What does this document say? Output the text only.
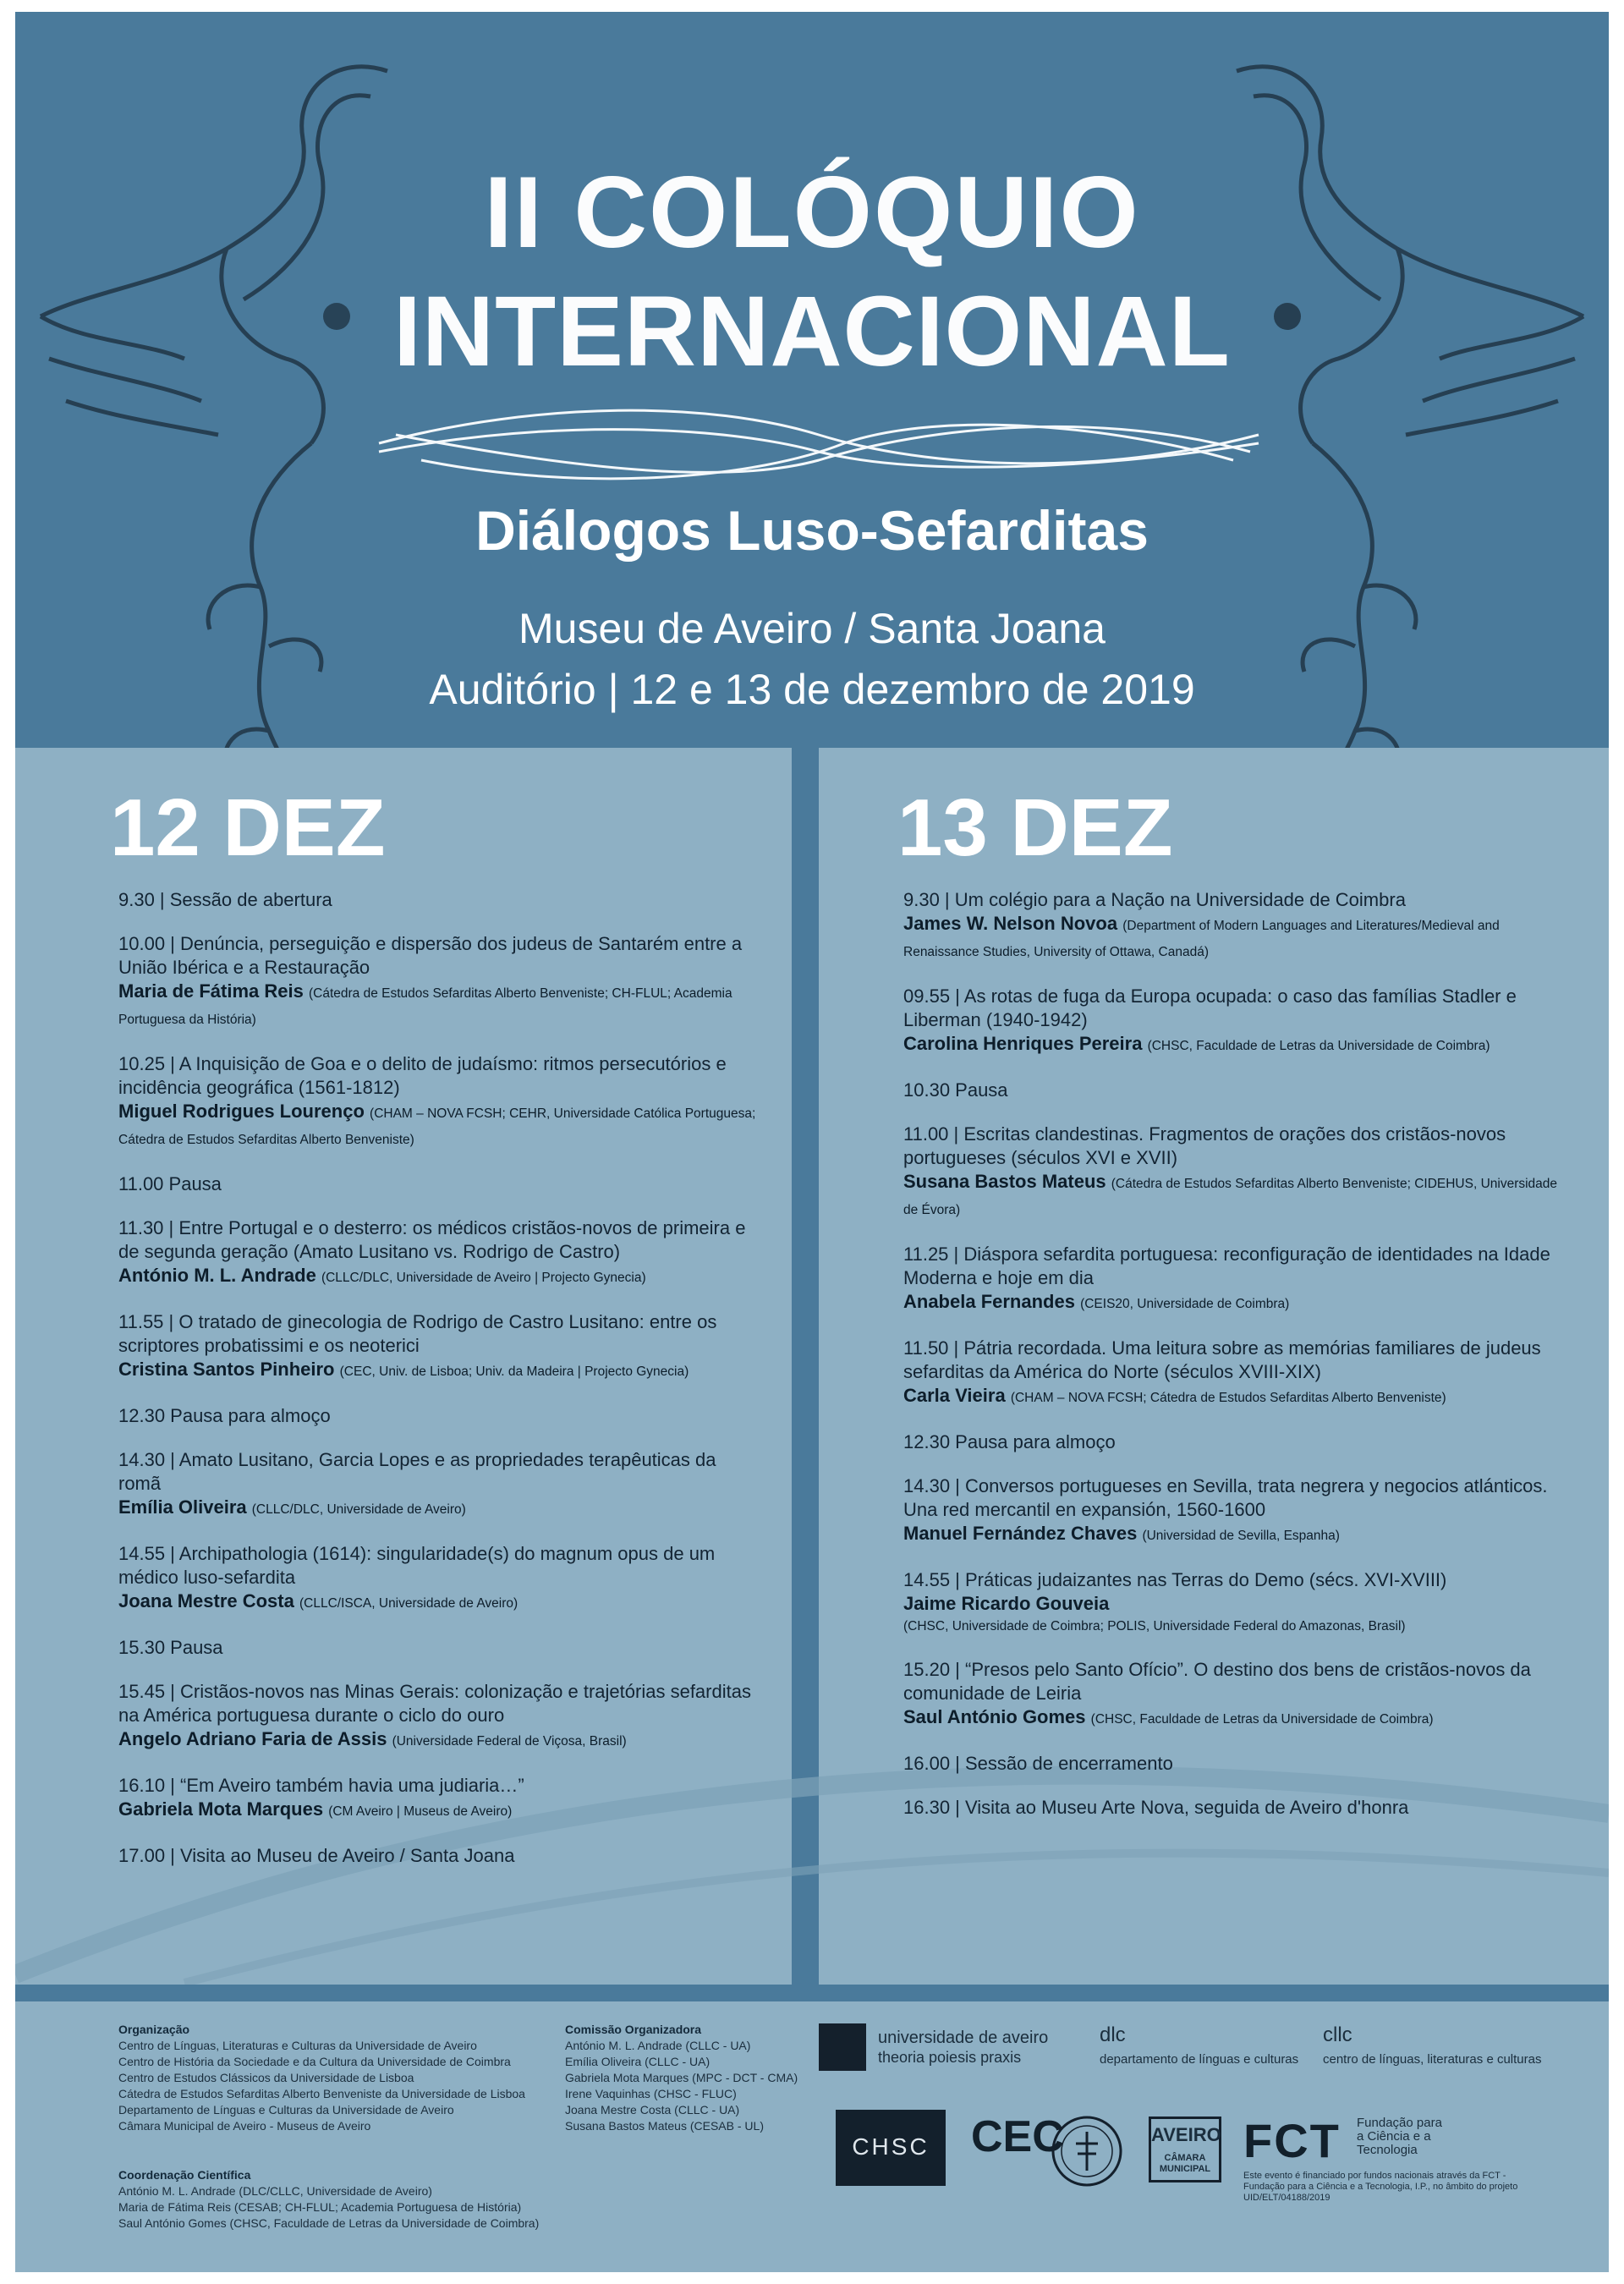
II COLÓQUIO
INTERNACIONAL
Diálogos Luso-Sefarditas
Museu de Aveiro / Santa Joana
Auditório | 12 e 13 de dezembro de 2019
12 DEZ	13 DEZ
9.30 | Sessão de abertura
10.00 | Denúncia, perseguição e dispersão dos judeus de Santarém entre a União Ibérica e a Restauração
Maria de Fátima Reis (Cátedra de Estudos Sefarditas Alberto Benveniste; CH-FLUL; Academia Portuguesa da História)
10.25 | A Inquisição de Goa e o delito de judaísmo: ritmos persecutórios e incidência geográfica (1561-1812)
Miguel Rodrigues Lourenço (CHAM – NOVA FCSH; CEHR, Universidade Católica Portuguesa; Cátedra de Estudos Sefarditas Alberto Benveniste)
11.00 Pausa
11.30 | Entre Portugal e o desterro: os médicos cristãos-novos de primeira e de segunda geração (Amato Lusitano vs. Rodrigo de Castro)
António M. L. Andrade (CLLC/DLC, Universidade de Aveiro | Projecto Gynecia)
11.55 | O tratado de ginecologia de Rodrigo de Castro Lusitano: entre os scriptores probatissimi e os neoterici
Cristina Santos Pinheiro (CEC, Univ. de Lisboa; Univ. da Madeira | Projecto Gynecia)
12.30 Pausa para almoço
14.30 | Amato Lusitano, Garcia Lopes e as propriedades terapêuticas da romã
Emília Oliveira (CLLC/DLC, Universidade de Aveiro)
14.55 | Archipathologia (1614): singularidade(s) do magnum opus de um médico luso-sefardita
Joana Mestre Costa (CLLC/ISCA, Universidade de Aveiro)
15.30 Pausa
15.45 | Cristãos-novos nas Minas Gerais: colonização e trajetórias sefarditas na América portuguesa durante o ciclo do ouro
Angelo Adriano Faria de Assis (Universidade Federal de Viçosa, Brasil)
16.10 | “Em Aveiro também havia uma judiaria…”
Gabriela Mota Marques (CM Aveiro | Museus de Aveiro)
17.00 | Visita ao Museu de Aveiro / Santa Joana
9.30 | Um colégio para a Nação na Universidade de Coimbra
James W. Nelson Novoa (Department of Modern Languages and Literatures/Medieval and Renaissance Studies, University of Ottawa, Canadá)
09.55 | As rotas de fuga da Europa ocupada: o caso das famílias Stadler e Liberman (1940-1942)
Carolina Henriques Pereira (CHSC, Faculdade de Letras da Universidade de Coimbra)
10.30 Pausa
11.00 | Escritas clandestinas. Fragmentos de orações dos cristãos-novos portugueses (séculos XVI e XVII)
Susana Bastos Mateus (Cátedra de Estudos Sefarditas Alberto Benveniste; CIDEHUS, Universidade de Évora)
11.25 | Diáspora sefardita portuguesa: reconfiguração de identidades na Idade Moderna e hoje em dia
Anabela Fernandes (CEIS20, Universidade de Coimbra)
11.50 | Pátria recordada. Uma leitura sobre as memórias familiares de judeus sefarditas da América do Norte (séculos XVIII-XIX)
Carla Vieira (CHAM – NOVA FCSH; Cátedra de Estudos Sefarditas Alberto Benveniste)
12.30 Pausa para almoço
14.30 | Conversos portugueses en Sevilla, trata negrera y negocios atlánticos. Una red mercantil en expansión, 1560-1600
Manuel Fernández Chaves (Universidad de Sevilla, Espanha)
14.55 | Práticas judaizantes nas Terras do Demo (sécs. XVI-XVIII)
Jaime Ricardo Gouveia
(CHSC, Universidade de Coimbra; POLIS, Universidade Federal do Amazonas, Brasil)
15.20 | “Presos pelo Santo Ofício”. O destino dos bens de cristãos-novos da comunidade de Leiria
Saul António Gomes (CHSC, Faculdade de Letras da Universidade de Coimbra)
16.00 | Sessão de encerramento
16.30 | Visita ao Museu Arte Nova, seguida de Aveiro d'honra
Organização
Centro de Línguas, Literaturas e Culturas da Universidade de Aveiro
Centro de História da Sociedade e da Cultura da Universidade de Coimbra
Centro de Estudos Clássicos da Universidade de Lisboa
Cátedra de Estudos Sefarditas Alberto Benveniste da Universidade de Lisboa
Departamento de Línguas e Culturas da Universidade de Aveiro
Câmara Municipal de Aveiro - Museus de Aveiro
Coordenação Científica
António M. L. Andrade (DLC/CLLC, Universidade de Aveiro)
Maria de Fátima Reis (CESAB; CH-FLUL; Academia Portuguesa de História)
Saul António Gomes (CHSC, Faculdade de Letras da Universidade de Coimbra)
Comissão Organizadora
António M. L. Andrade (CLLC - UA)
Emília Oliveira (CLLC - UA)
Gabriela Mota Marques (MPC - DCT - CMA)
Irene Vaquinhas (CHSC - FLUC)
Joana Mestre Costa (CLLC - UA)
Susana Bastos Mateus (CESAB - UL)
universidade de aveiro
theoria poiesis praxis
dlc
departamento de línguas e culturas
cllc
centro de línguas, literaturas e culturas
CHSC CEC	AVEIRO
CÂMARA MUNICIPAL
FCT Fundação para a Ciência e a Tecnologia
Este evento é financiado por fundos nacionais através da FCT - Fundação para a Ciência e a Tecnologia, I.P., no âmbito do projeto UID/ELT/04188/2019
